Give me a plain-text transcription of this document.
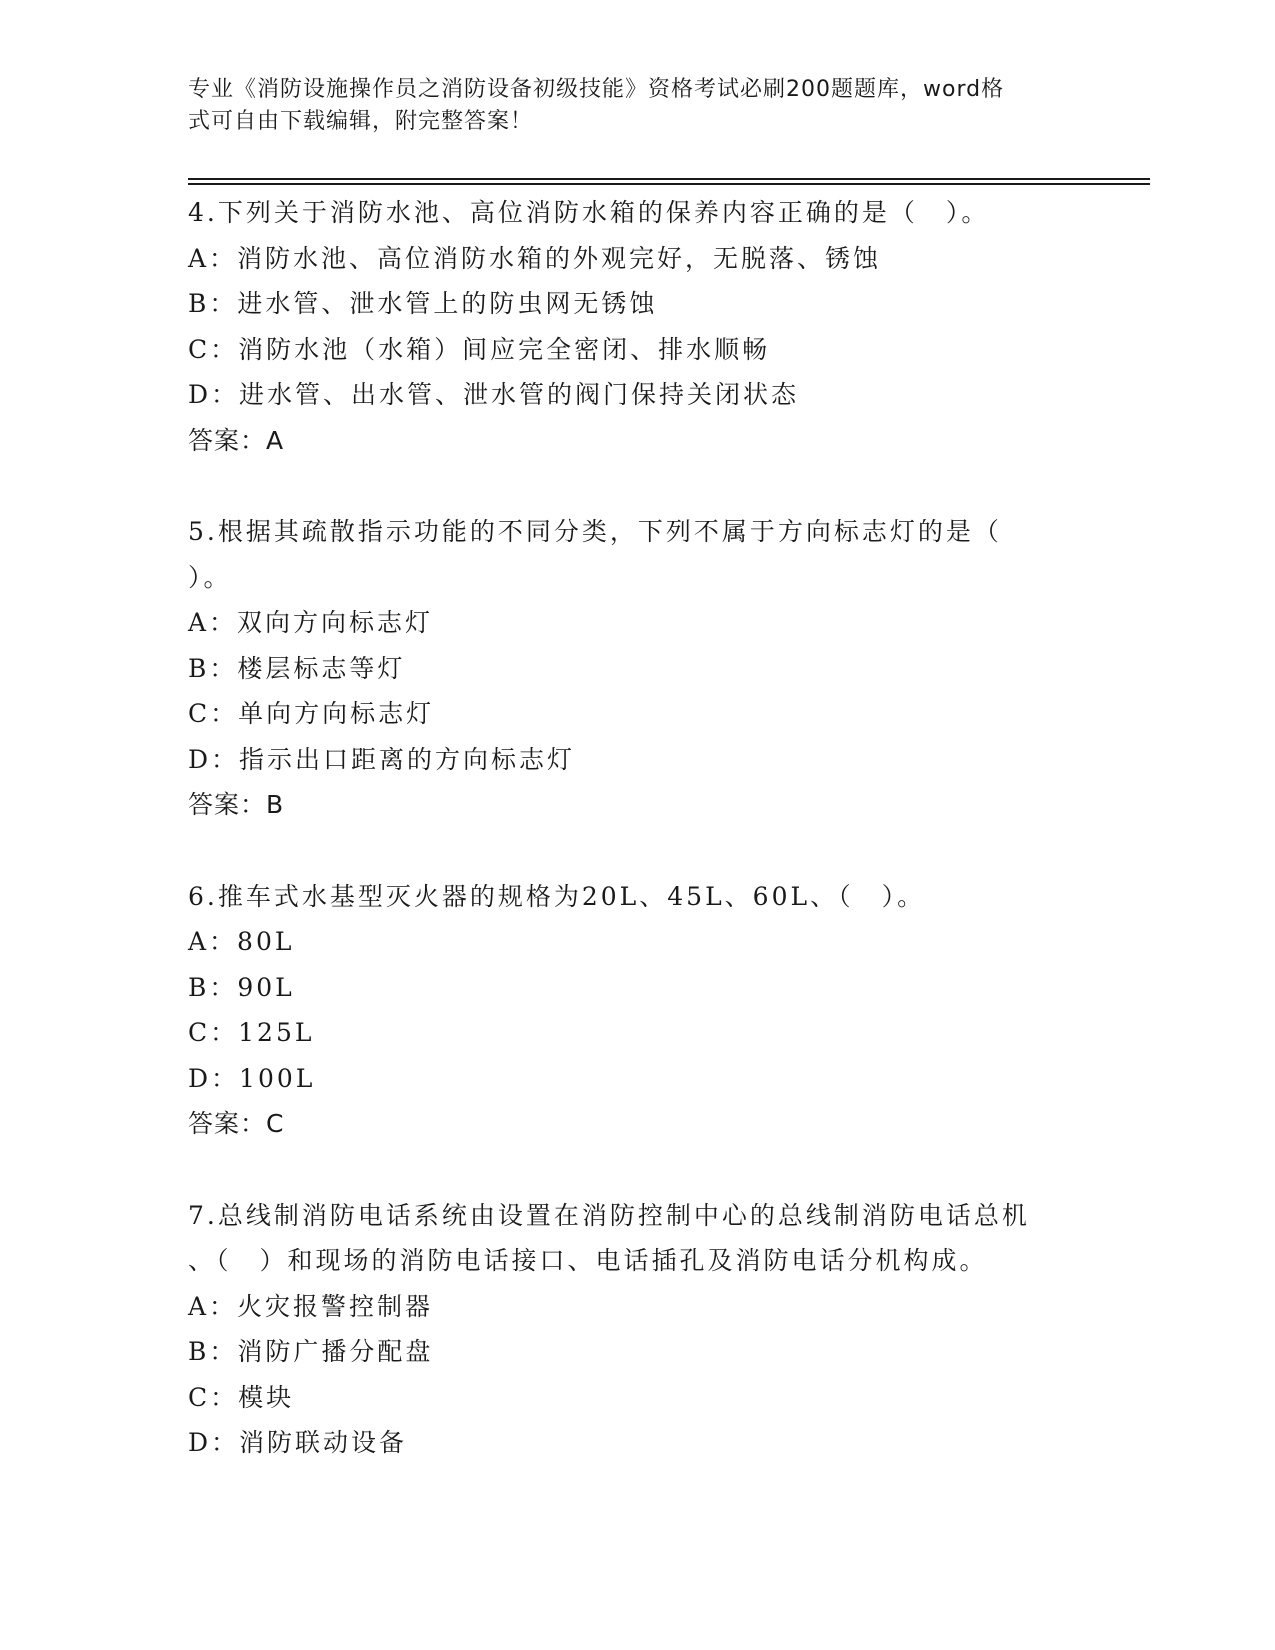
专业《消防设施操作员之消防设备初级技能》资格考试必刷200题题库，word格
式可自由下载编辑，附完整答案！
4.下列关于消防水池、高位消防水箱的保养内容正确的是（　）。
A：消防水池、高位消防水箱的外观完好，无脱落、锈蚀
B：进水管、泄水管上的防虫网无锈蚀
C：消防水池（水箱）间应完全密闭、排水顺畅
D：进水管、出水管、泄水管的阀门保持关闭状态
答案：A
5.根据其疏散指示功能的不同分类，下列不属于方向标志灯的是（
）。
A：双向方向标志灯
B：楼层标志等灯
C：单向方向标志灯
D：指示出口距离的方向标志灯
答案：B
6.推车式水基型灭火器的规格为20L、45L、60L、（　）。
A：80L
B：90L
C：125L
D：100L
答案：C
7.总线制消防电话系统由设置在消防控制中心的总线制消防电话总机
、（　）和现场的消防电话接口、电话插孔及消防电话分机构成。
A：火灾报警控制器
B：消防广播分配盘
C：模块
D：消防联动设备
